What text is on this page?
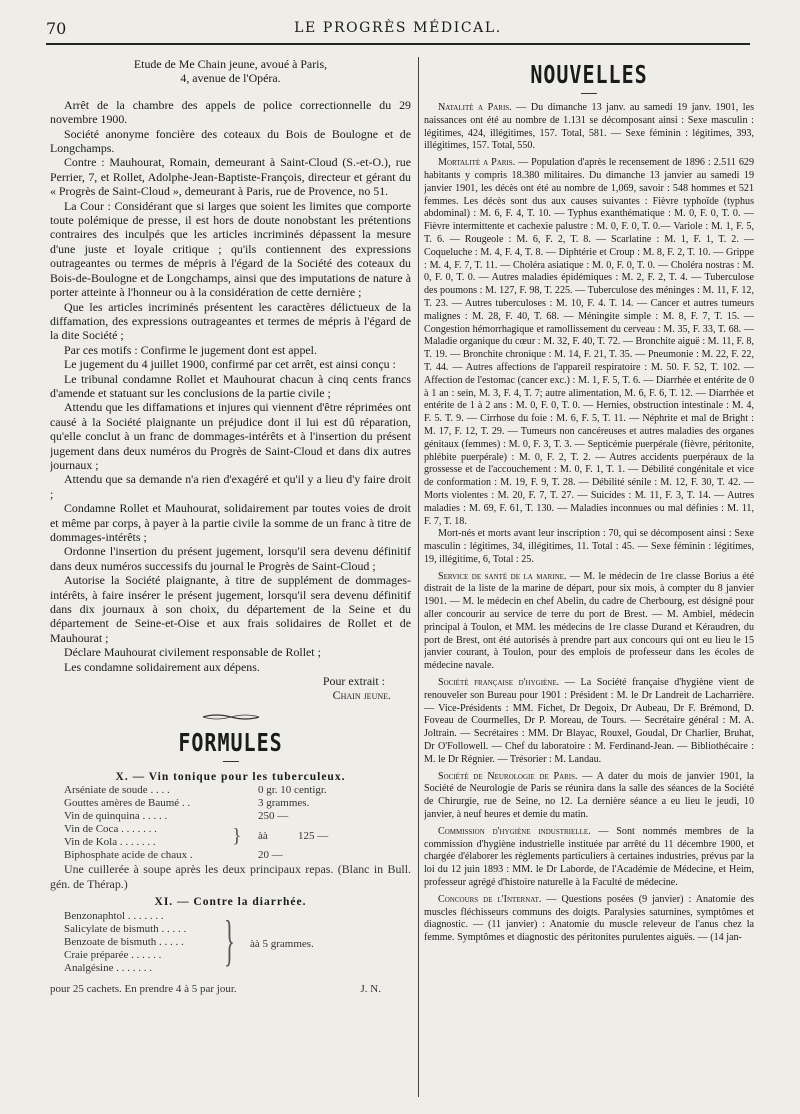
70	LE PROGRÈS MÉDICAL.

Etude de Me Chain jeune, avoué à Paris,

4, avenue de l'Opéra.

Arrêt de la chambre des appels de police correctionnelle du 29 novembre 1900.

Société anonyme foncière des coteaux du Bois de Boulogne et de Longchamps.

Contre : Mauhourat, Romain, demeurant à Saint-Cloud (S.-et-O.), rue Perrier, 7, et Rollet, Adolphe-Jean-Baptiste-François, directeur et gérant du « Progrès de Saint-Cloud », demeurant à Paris, rue de Provence, no 51.

La Cour : Considérant que si larges que soient les limites que comporte toute polémique de presse, il est hors de doute nonobstant les prétentions contraires des inculpés que les articles incriminés dépassent la mesure d'une juste et loyale critique ; qu'ils contiennent des expressions outrageantes ou termes de mépris à l'égard de la Société des coteaux du Bois-de-Boulogne et de Longchamps, ainsi que des imputations de nature à porter atteinte à l'honneur ou à la considération de cette dernière ;

Que les articles incriminés présentent les caractères délictueux de la diffamation, des expressions outrageantes et termes de mépris à l'égard de la dite Société ;

Par ces motifs : Confirme le jugement dont est appel.

Le jugement du 4 juillet 1900, confirmé par cet arrêt, est ainsi conçu :

Le tribunal condamne Rollet et Mauhourat chacun à cinq cents francs d'amende et statuant sur les conclusions de la partie civile ;

Attendu que les diffamations et injures qui viennent d'être réprimées ont causé à la Société plaignante un préjudice dont il lui est dû réparation, qu'elle conclut à un franc de dommages-intérêts et à l'insertion du présent jugement dans deux numéros du Progrès de Saint-Cloud et dans dix autres journaux ;

Attendu que sa demande n'a rien d'exagéré et qu'il y a lieu d'y faire droit ;

Condamne Rollet et Mauhourat, solidairement par toutes voies de droit et même par corps, à payer à la partie civile la somme de un franc à titre de dommages-intérêts ;

Ordonne l'insertion du présent jugement, lorsqu'il sera devenu définitif dans deux numéros successifs du journal le Progrès de Saint-Cloud ;

Autorise la Société plaignante, à titre de supplément de dommages-intérêts, à faire insérer le présent jugement, lorsqu'il sera devenu définitif dans dix journaux à son choix, du département de la Seine et du département de Seine-et-Oise et aux frais solidaires de Rollet et de Mauhourat ;

Déclare Mauhourat civilement responsable de Rollet ;

Les condamne solidairement aux dépens.

Pour extrait :

Chain jeune.

FORMULES
X. — Vin tonique pour les tuberculeux.
Arséniate de soude . . . .		0 gr. 10 centigr.	
Gouttes amères de Baumé . .		3 grammes.	
Vin de quinquina . . . . .		250 —	
Vin de Coca . . . . . . .	}	àà	125 —
Vin de Kola . . . . . . .			
Biphosphate acide de chaux .		20 —	

Une cuillerée à soupe après les deux principaux repas. (Blanc in Bull. gén. de Thérap.)

XI. — Contre la diarrhée.
Benzonaphtol . . . . . . .
Salicylate de bismuth . . . . .
Benzoate de bismuth . . . . .
Craie préparée . . . . . .
Analgésine . . . . . . .	} àà 5 grammes.
pour 25 cachets. En prendre 4 à 5 par jour.	J. N.
NOUVELLES

Natalité a Paris. — Du dimanche 13 janv. au samedi 19 janv. 1901, les naissances ont été au nombre de 1.131 se décomposant ainsi : Sexe masculin : légitimes, 424, illégitimes, 157. Total, 581. — Sexe féminin : légitimes, 393, illégitimes, 157. Total, 550.

Mortalité a Paris. — Population d'après le recensement de 1896 : 2.511 629 habitants y compris 18.380 militaires. Du dimanche 13 janvier au samedi 19 janvier 1901, les décès ont été au nombre de 1,069, savoir : 548 hommes et 521 femmes. Les décès sont dus aux causes suivantes : Fièvre typhoïde (typhus abdominal) : M. 6, F. 4, T. 10. — Typhus exanthématique : M. 0, F. 0, T. 0. — Fièvre intermittente et cachexie palustre : M. 0, F. 0, T. 0.— Variole : M. 1, F. 5, T. 6. — Rougeole : M. 6, F. 2, T. 8. — Scarlatine : M. 1, F. 1, T. 2. — Coqueluche : M. 4, F. 4, T. 8. — Diphtérie et Croup : M. 8, F. 2, T. 10. — Grippe : M. 4, F. 7, T. 11. — Choléra asiatique : M. 0, F. 0, T. 0. — Choléra nostras : M. 0, F. 0, T. 0. — Autres maladies épidémiques : M. 2, F. 2, T. 4. — Tuberculose des poumons : M. 127, F. 98, T. 225. — Tuberculose des méninges : M. 11, F. 12, T. 23. — Autres tuberculoses : M. 10, F. 4. T. 14. — Cancer et autres tumeurs malignes : M. 28, F. 40, T. 68. — Méningite simple : M. 8, F. 7, T. 15. — Congestion hémorrhagique et ramollissement du cerveau : M. 35, F. 33, T. 68. — Maladie organique du cœur : M. 32, F. 40, T. 72. — Bronchite aiguë : M. 11, F. 8, T. 19. — Bronchite chronique : M. 14, F. 21, T. 35. — Pneumonie : M. 22, F. 22, T. 44. — Autres affections de l'appareil respiratoire : M. 50. F. 52, T. 102. — Affection de l'estomac (cancer exc.) : M. 1, F. 5, T. 6. — Diarrhée et entérite de 0 à 1 an : sein, M. 3, F. 4, T. 7; autre alimentation, M. 6, F. 6, T. 12. — Diarrhée et entérite de 1 à 2 ans : M. 0, F. 0, T. 0. — Hernies, obstruction intestinale : M. 4, F. 5. T. 9. — Cirrhose du foie : M. 6, F. 5, T. 11. — Néphrite et mal de Bright : M. 17, F. 12, T. 29. — Tumeurs non cancéreuses et autres maladies des organes génitaux (femmes) : M. 0, F. 3, T. 3. — Septicémie puerpérale (fièvre, péritonite, phlébite puerpérale) : M. 0, F. 2, T. 2. — Autres accidents puerpéraux de la grossesse et de l'accouchement : M. 0, F. 1, T. 1. — Débilité congénitale et vice de conformation : M. 19, F. 9, T. 28. — Débilité sénile : M. 12, F. 30, T. 42. — Morts violentes : M. 20, F. 7, T. 27. — Suicides : M. 11, F. 3, T. 14. — Autres maladies : M. 69, F. 61, T. 130. — Maladies inconnues ou mal définies : M. 11, F. 7, T. 18.

Mort-nés et morts avant leur inscription : 70, qui se décomposent ainsi : Sexe masculin : légitimes, 34, illégitimes, 11. Total : 45. — Sexe féminin : légitimes, 19, illégitime, 6, Total : 25.

Service de santé de la marine. — M. le médecin de 1re classe Borius a été distrait de la liste de la marine de départ, pour six mois, à compter du 8 janvier 1901. — M. le médecin en chef Abelin, du cadre de Cherbourg, est désigné pour aller concourir au service de terre du port de Brest. — M. Ambiel, médecin principal à Toulon, et MM. les médecins de 1re classe Durand et Kéraudren, du port de Brest, ont été autorisés à prendre part aux concours qui ont eu lieu le 15 janvier courant, à Toulon, pour des emplois de professeur dans les écoles de médecine navale.

Société française d'hygiène. — La Société française d'hygiène vient de renouveler son Bureau pour 1901 : Président : M. le Dr Landreit de Lacharrière. — Vice-Présidents : MM. Fichet, Dr Degoix, Dr Aubeau, Dr F. Brémond, D. Foveau de Courmelles, Dr P. Moreau, de Tours. — Secrétaire général : M. A. Joltrain. — Secrétaires : MM. Dr Blayac, Rouxel, Goudal, Dr Charlier, Bruhat, Dr O'Followell. — Chef du laboratoire : M. Ferdinand-Jean. — Bibliothécaire : M. le Dr Régnier. — Trésorier : M. Landau.

Société de Neurologie de Paris. — A dater du mois de janvier 1901, la Société de Neurologie de Paris se réunira dans la salle des séances de la Société de Chirurgie, rue de Seine, no 12. La dernière séance a eu lieu le jeudi, 10 janvier, à neuf heures et demie du matin.

Commission d'hygiène industrielle. — Sont nommés membres de la commission d'hygiène industrielle instituée par arrêté du 11 décembre 1900, et chargée d'élaborer les règlements particuliers à certaines industries, prévus par la loi du 12 juin 1893 : MM. le Dr Laborde, de l'Académie de Médecine, et Heim, professeur agrégé d'histoire naturelle à la Faculté de médecine.

Concours de l'Internat. — Questions posées (9 janvier) : Anatomie des muscles fléchisseurs communs des doigts. Paralysies saturnines, symptômes et diagnostic. — (11 janvier) : Anatomie du muscle releveur de l'anus chez la femme. Symptômes et diagnostic des péritonites purulentes aiguës. — (14 jan-
